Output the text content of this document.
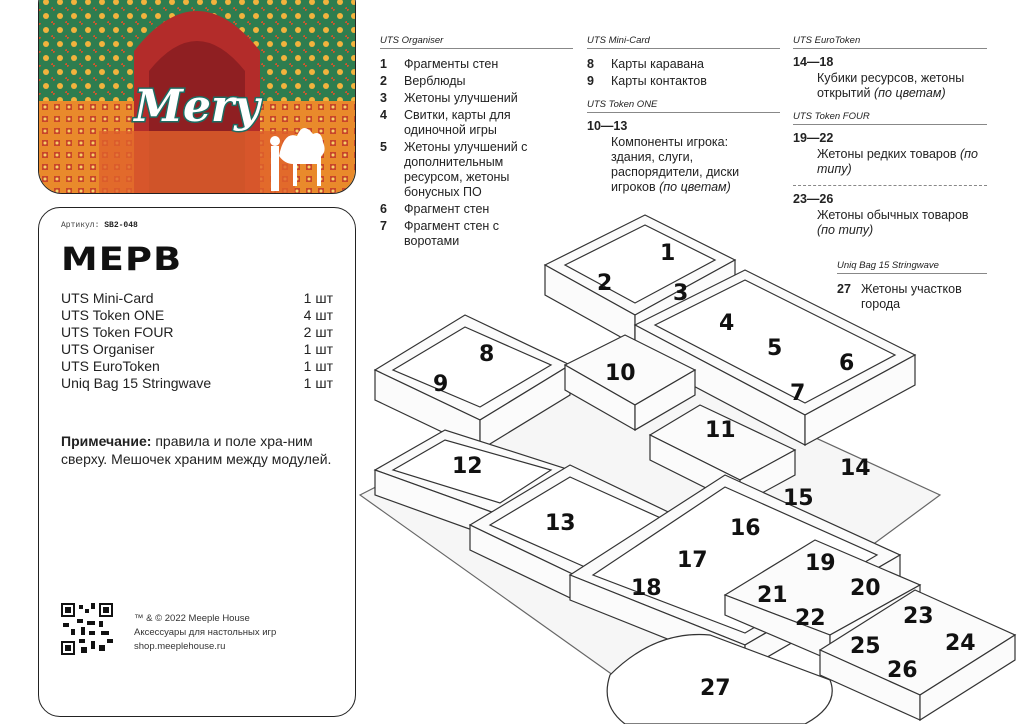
Mery
Артикул: SB2-048
МЕРВ
UTS Mini-Card	1 шт
UTS Token ONE	4 шт
UTS Token FOUR	2 шт
UTS Organiser	1 шт
UTS EuroToken	1 шт
Uniq Bag 15 Stringwave	1 шт
Примечание: правила и поле хра-ним сверху. Мешочек храним между модулей.
™ & © 2022 Meeple House
Аксессуары для настольных игр
shop.meeplehouse.ru
UTS Organiser
1	Фрагменты стен
2	Верблюды
3	Жетоны улучшений
4	Свитки, карты для одиночной игры
5	Жетоны улучшений с дополнительным ресурсом, жетоны бонусных ПО
6	Фрагмент стен
7	Фрагмент стен с воротами
UTS Mini-Card
8	Карты каравана
9	Карты контактов
UTS Token ONE
10—13
Компоненты игрока: здания, слуги, распорядители, диски игроков (по цветам)
UTS EuroToken
14—18
Кубики ресурсов, жетоны открытий (по цветам)
UTS Token FOUR
19—22
Жетоны редких товаров (по типу)
23—26
Жетоны обычных товаров (по типу)
Uniq Bag 15 Stringwave
27 Жетоны участков города
1
2	3
4
5
6
7
8
9	10
11
12
13
14
15
16
17
18
19
20
21
22	23
24
25
26
27
